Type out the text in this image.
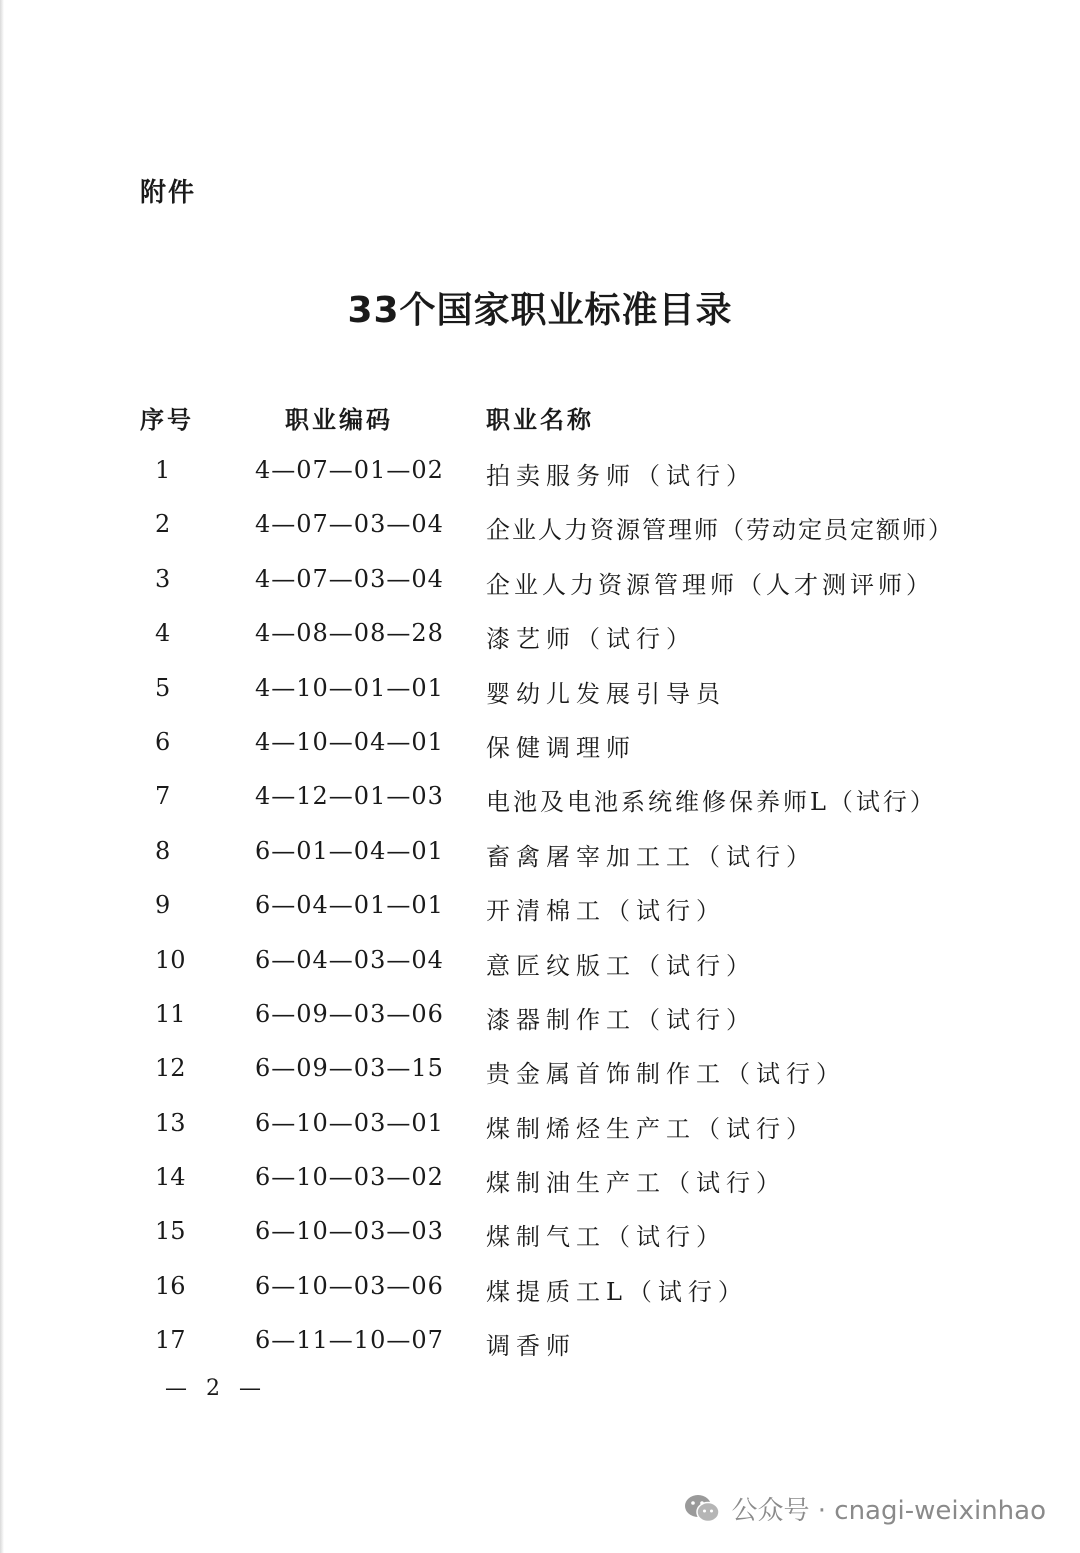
附件
33个国家职业标准目录
序号	职业编码	职业名称
1	4—07—01—02 拍卖服务师（试行）
2	4—07—03—04 企业人力资源管理师（劳动定员定额师）
3	4—07—03—04 企业人力资源管理师（人才测评师）
4	4—08—08—28 漆艺师（试行）
5	4—10—01—01 婴幼儿发展引导员
6	4—10—04—01 保健调理师
7	4—12—01—03 电池及电池系统维修保养师L（试行）
8	6—01—04—01 畜禽屠宰加工工（试行）
9	6—04—01—01 开清棉工（试行）
10	6—04—03—04 意匠纹版工（试行）
11	6—09—03—06 漆器制作工（试行）
12	6—09—03—15 贵金属首饰制作工（试行）
13	6—10—03—01 煤制烯烃生产工（试行）
14	6—10—03—02 煤制油生产工（试行）
15	6—10—03—03 煤制气工（试行）
16	6—10—03—06 煤提质工L（试行）
17	6—11—10—07 调香师
— 2 —
公众号 · cnagi-weixinhao
